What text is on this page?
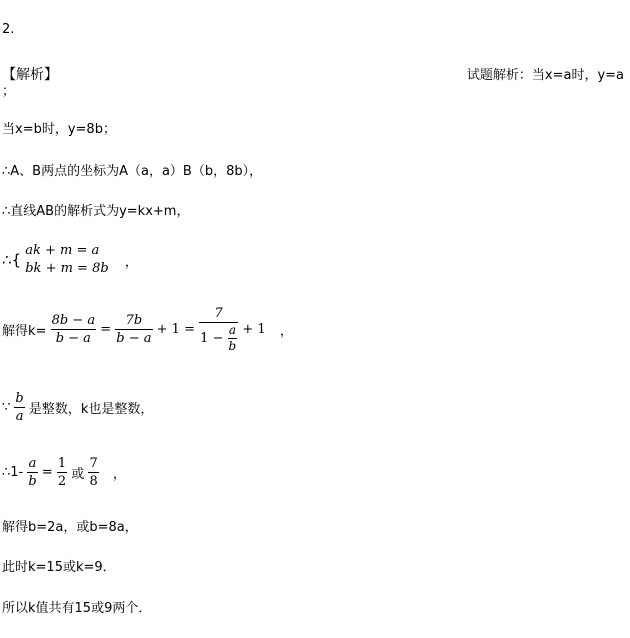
2.
【解析】	试题解析：当x=a时，y=a
；
当x=b时，y=8b；
∴A、B两点的坐标为A（a，a）B（b，8b），
∴直线AB的解析式为y=kx+m，
∴{
ak + m = a
bk + m = 8b ，
解得$k= \frac{8b - a}{b - a} = \frac{7b}{b - a} + 1 = \frac{7}{1 - \frac{a}{b}} + 1$ ，
∵ $\frac{b}{a}$ 是整数，k也是整数，
∴1- $\frac{a}{b} = \frac{1}{2}$ 或 $\frac{7}{8}$ ，
解得b=2a，或b=8a，
此时k=15或k=9．
所以k值共有15或9两个．
